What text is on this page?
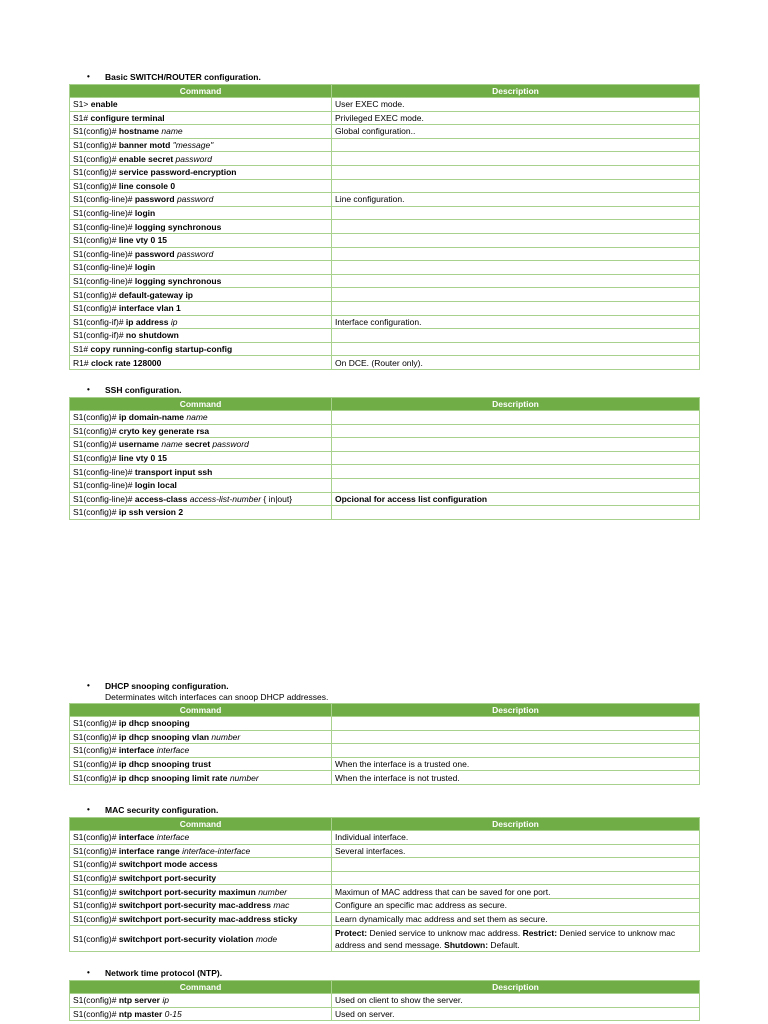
• Basic SWITCH/ROUTER configuration.
Command	Description
S1> enable	User EXEC mode.
S1# configure terminal	Privileged EXEC mode.
S1(config)# hostname name	Global configuration..
S1(config)# banner motd "message"	
S1(config)# enable secret password	
S1(config)# service password-encryption	
S1(config)# line console 0	
S1(config-line)# password password	Line configuration.
S1(config-line)# login	
S1(config-line)# logging synchronous	
S1(config)# line vty 0 15	
S1(config-line)# password password	
S1(config-line)# login	
S1(config-line)# logging synchronous	
S1(config)# default-gateway ip	
S1(config)# interface vlan 1	
S1(config-if)# ip address ip	Interface configuration.
S1(config-if)# no shutdown	
S1# copy running-config startup-config	
R1# clock rate 128000	On DCE. (Router only).
• SSH configuration.
Command	Description
S1(config)# ip domain-name name	
S1(config)# cryto key generate rsa	
S1(config)# username name secret password	
S1(config)# line vty 0 15	
S1(config-line)# transport input ssh	
S1(config-line)# login local	
S1(config-line)# access-class access-list-number { in|out}	Opcional for access list configuration
S1(config)# ip ssh version 2	
• DHCP snooping configuration.
Determinates witch interfaces can snoop DHCP addresses.
Command	Description
S1(config)# ip dhcp snooping	
S1(config)# ip dhcp snooping vlan number	
S1(config)# interface interface	
S1(config)# ip dhcp snooping trust	When the interface is a trusted one.
S1(config)# ip dhcp snooping limit rate number	When the interface is not trusted.
• MAC security configuration.
Command	Description
S1(config)# interface interface	Individual interface.
S1(config)# interface range interface-interface	Several interfaces.
S1(config)# switchport mode access	
S1(config)# switchport port-security	
S1(config)# switchport port-security maximun number	Maximun of MAC address that can be saved for one port.
S1(config)# switchport port-security mac-address mac	Configure an specific mac address as secure.
S1(config)# switchport port-security mac-address sticky	Learn dynamically mac address and set them as secure.
S1(config)# switchport port-security violation mode	Protect: Denied service to unknow mac address. Restrict: Denied service to unknow mac address and send message. Shutdown: Default.
• Network time protocol (NTP).
Command	Description
S1(config)# ntp server ip	Used on client to show the server.
S1(config)# ntp master 0-15	Used on server.
